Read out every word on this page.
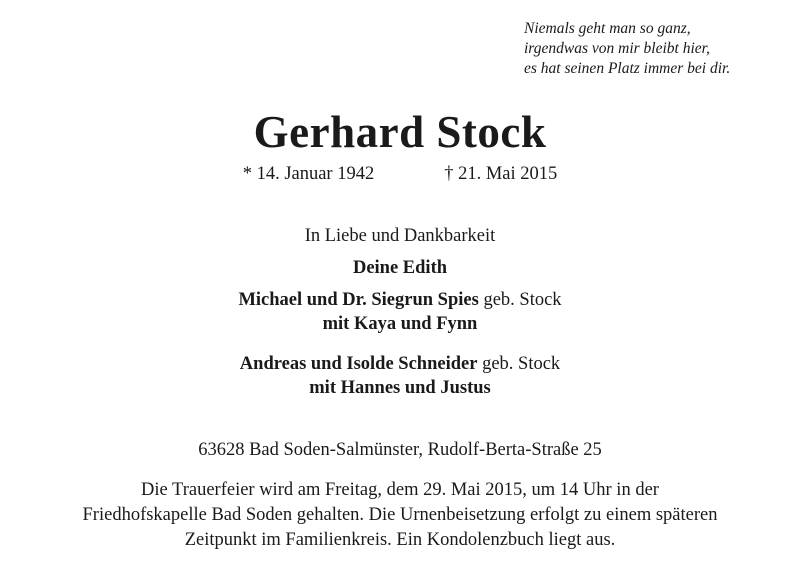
Niemals geht man so ganz,
irgendwas von mir bleibt hier,
es hat seinen Platz immer bei dir.
Gerhard Stock
* 14. Januar 1942	† 21. Mai 2015
In Liebe und Dankbarkeit
Deine Edith
Michael und Dr. Siegrun Spies geb. Stock
mit Kaya und Fynn
Andreas und Isolde Schneider geb. Stock
mit Hannes und Justus
63628 Bad Soden-Salmünster, Rudolf-Berta-Straße 25
Die Trauerfeier wird am Freitag, dem 29. Mai 2015, um 14 Uhr in der
Friedhofskapelle Bad Soden gehalten. Die Urnenbeisetzung erfolgt zu einem späteren
Zeitpunkt im Familienkreis. Ein Kondolenzbuch liegt aus.
